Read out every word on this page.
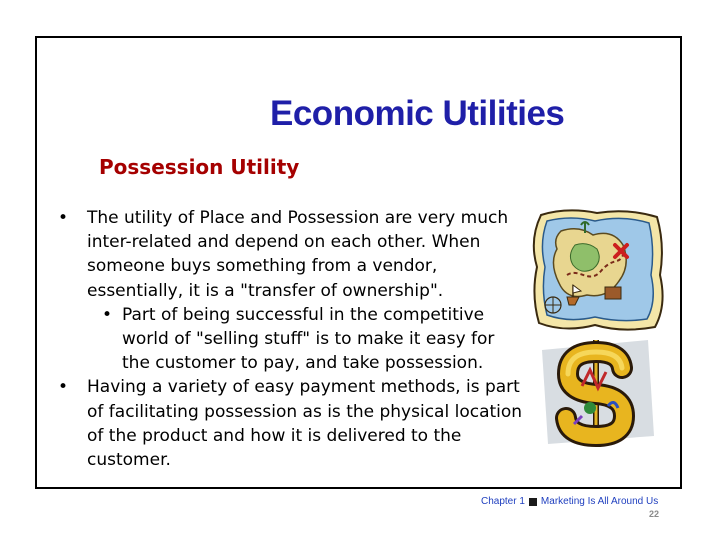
Economic Utilities
Possession Utility
• The utility of Place and Possession are very much inter-related and depend on each other. When someone buys something from a vendor, essentially, it is a "transfer of ownership".
• Part of being successful in the competitive world of "selling stuff" is to make it easy for the customer to pay, and take possession.
• Having a variety of easy payment methods, is part of facilitating possession as is the physical location of the product and how it is delivered to the customer.
Chapter 1 Marketing Is All Around Us
22
